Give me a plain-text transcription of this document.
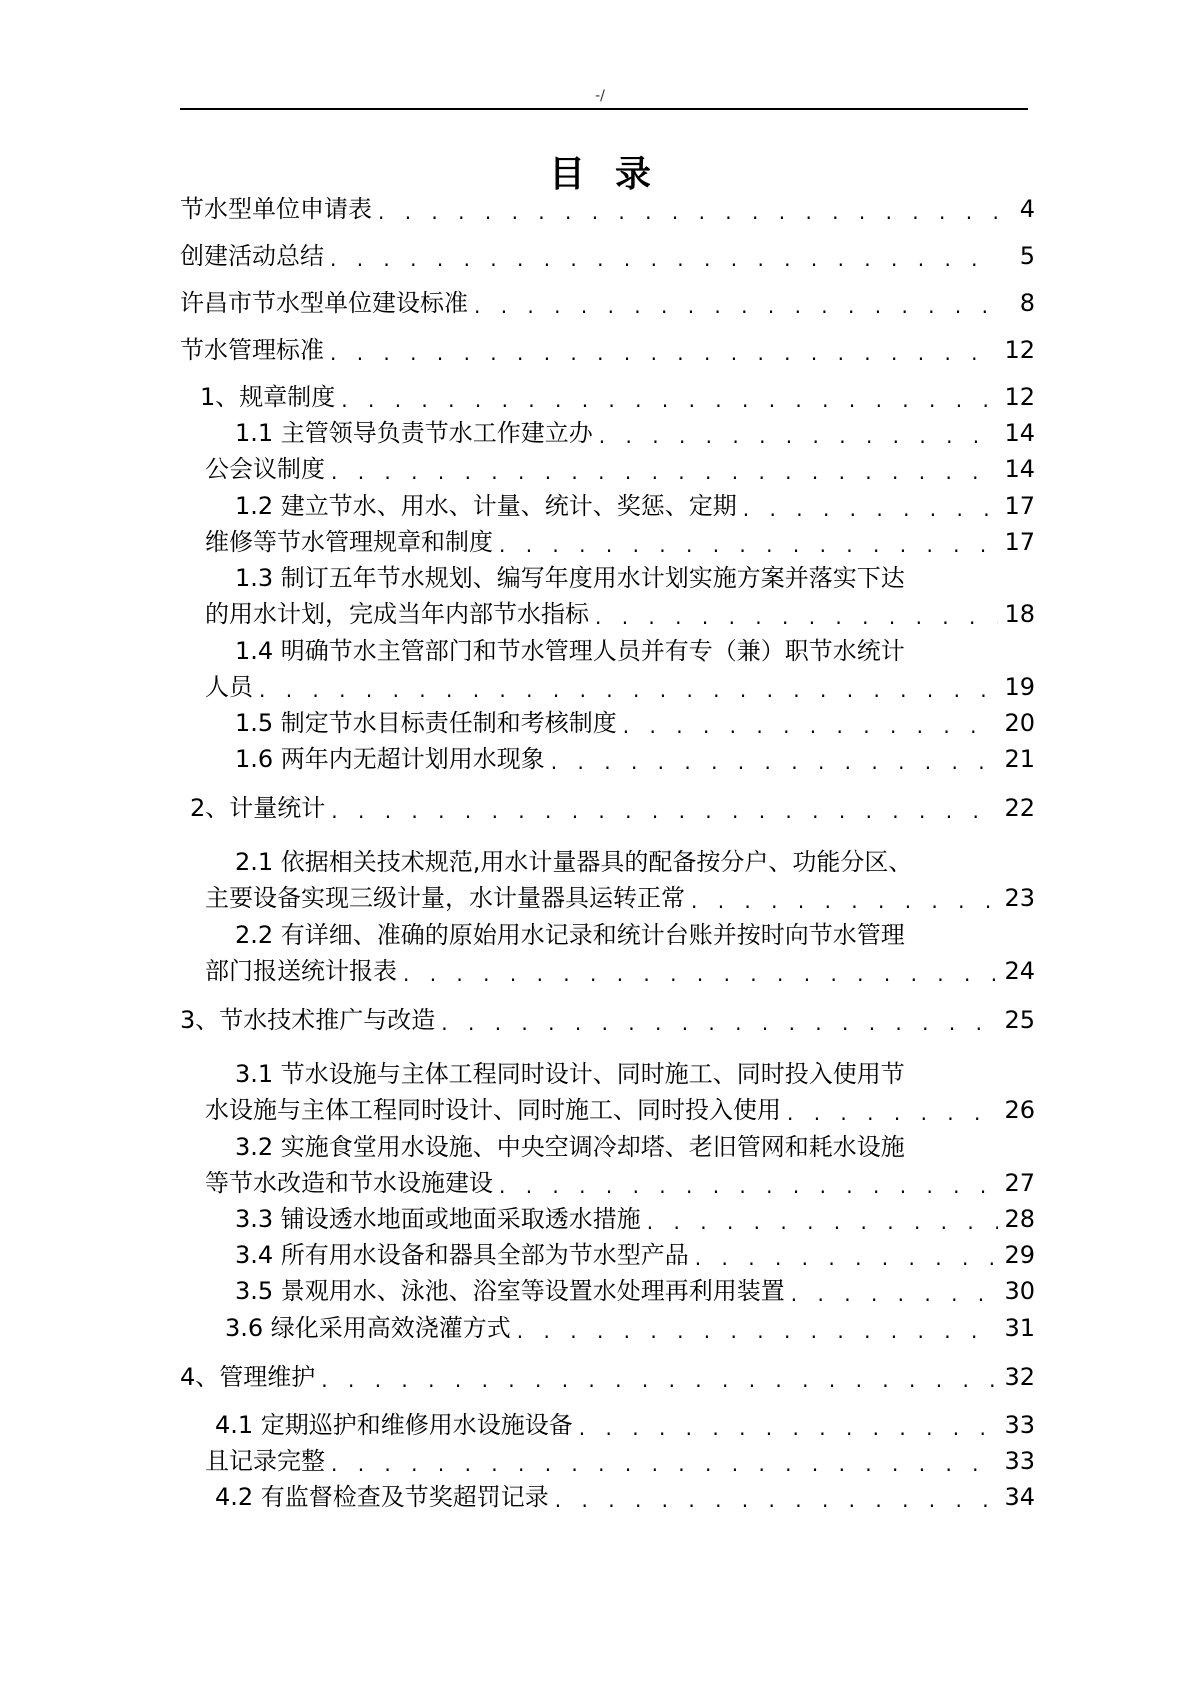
-/
目录
节水型单位申请表 . . .	4
创建活动总结 . . .	5
许昌市节水型单位建设标准 . . .	8
节水管理标准 . . .	12
1、规章制度 . . .	12
1.1 主管领导负责节水工作建立办 . . .	14
公会议制度 . . .	14
1.2 建立节水、用水、计量、统计、奖惩、定期 . . .	17
维修等节水管理规章和制度 . . .	17
1.3 制订五年节水规划、编写年度用水计划实施方案并落实下达
的用水计划，完成当年内部节水指标 . . .	18
1.4 明确节水主管部门和节水管理人员并有专（兼）职节水统计
人员 . . .	19
1.5 制定节水目标责任制和考核制度 . . .	20
1.6 两年内无超计划用水现象 . . .	21
2、计量统计 . . .	22
2.1 依据相关技术规范,用水计量器具的配备按分户、功能分区、
主要设备实现三级计量，水计量器具运转正常 . . .	23
2.2 有详细、准确的原始用水记录和统计台账并按时向节水管理
部门报送统计报表 . . .	24
3、节水技术推广与改造 . . .	25
3.1 节水设施与主体工程同时设计、同时施工、同时投入使用节
水设施与主体工程同时设计、同时施工、同时投入使用 . . .	26
3.2 实施食堂用水设施、中央空调冷却塔、老旧管网和耗水设施
等节水改造和节水设施建设 . . .	27
3.3 铺设透水地面或地面采取透水措施 . . .	28
3.4 所有用水设备和器具全部为节水型产品 . . .	29
3.5 景观用水、泳池、浴室等设置水处理再利用装置 . . .	30
3.6 绿化采用高效浇灌方式 . . .	31
4、管理维护 . . .	32
4.1 定期巡护和维修用水设施设备 . . .	33
且记录完整 . . .	33
4.2 有监督检查及节奖超罚记录 . . .	34
